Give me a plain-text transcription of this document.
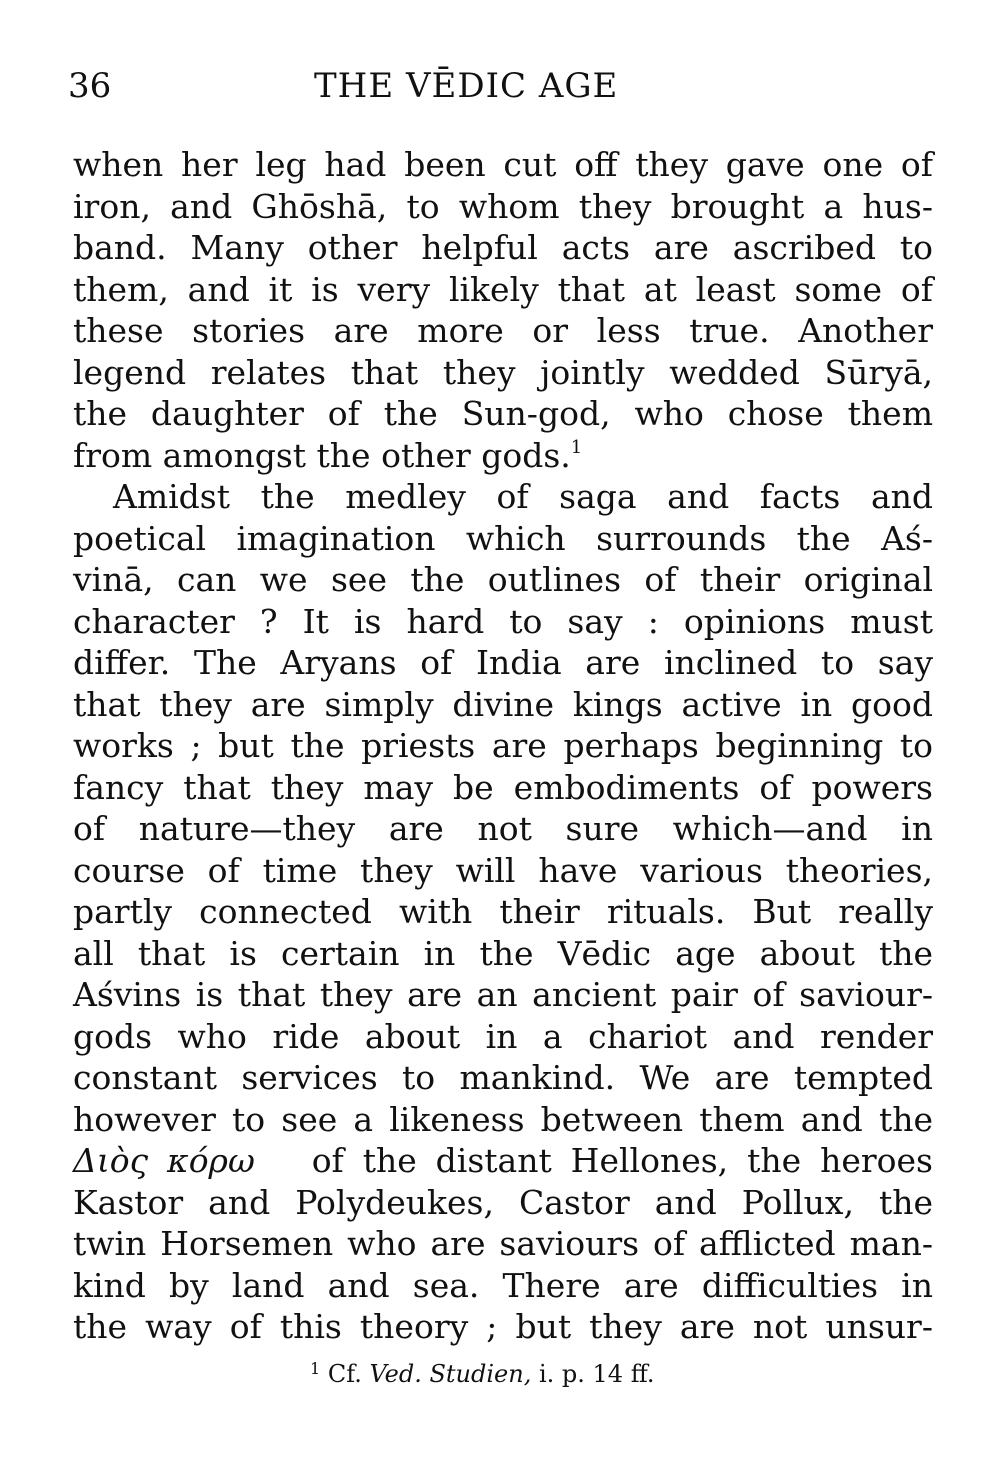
36	THE VĒDIC AGE
when her leg had been cut off they gave one of
iron, and Ghōshā, to whom they brought a hus-
band. Many other helpful acts are ascribed to
them, and it is very likely that at least some of
these stories are more or less true. Another
legend relates that they jointly wedded Sūryā,
the daughter of the Sun-god, who chose them
from amongst the other gods.$^1$
Amidst the medley of saga and facts and
poetical imagination which surrounds the Aś-
vinā, can we see the outlines of their original
character ? It is hard to say : opinions must
differ. The Aryans of India are inclined to say
that they are simply divine kings active in good
works ; but the priests are perhaps beginning to
fancy that they may be embodiments of powers
of nature—they are not sure which—and in
course of time they will have various theories,
partly connected with their rituals. But really
all that is certain in the Vēdic age about the
Aśvins is that they are an ancient pair of saviour-
gods who ride about in a chariot and render
constant services to mankind. We are tempted
however to see a likeness between them and the
Διὸς κόρω of the distant Hellones, the heroes
Kastor and Polydeukes, Castor and Pollux, the
twin Horsemen who are saviours of afflicted man-
kind by land and sea. There are difficulties in
the way of this theory ; but they are not unsur-
$^1$ Cf. Ved. Studien, i. p. 14 ff.
